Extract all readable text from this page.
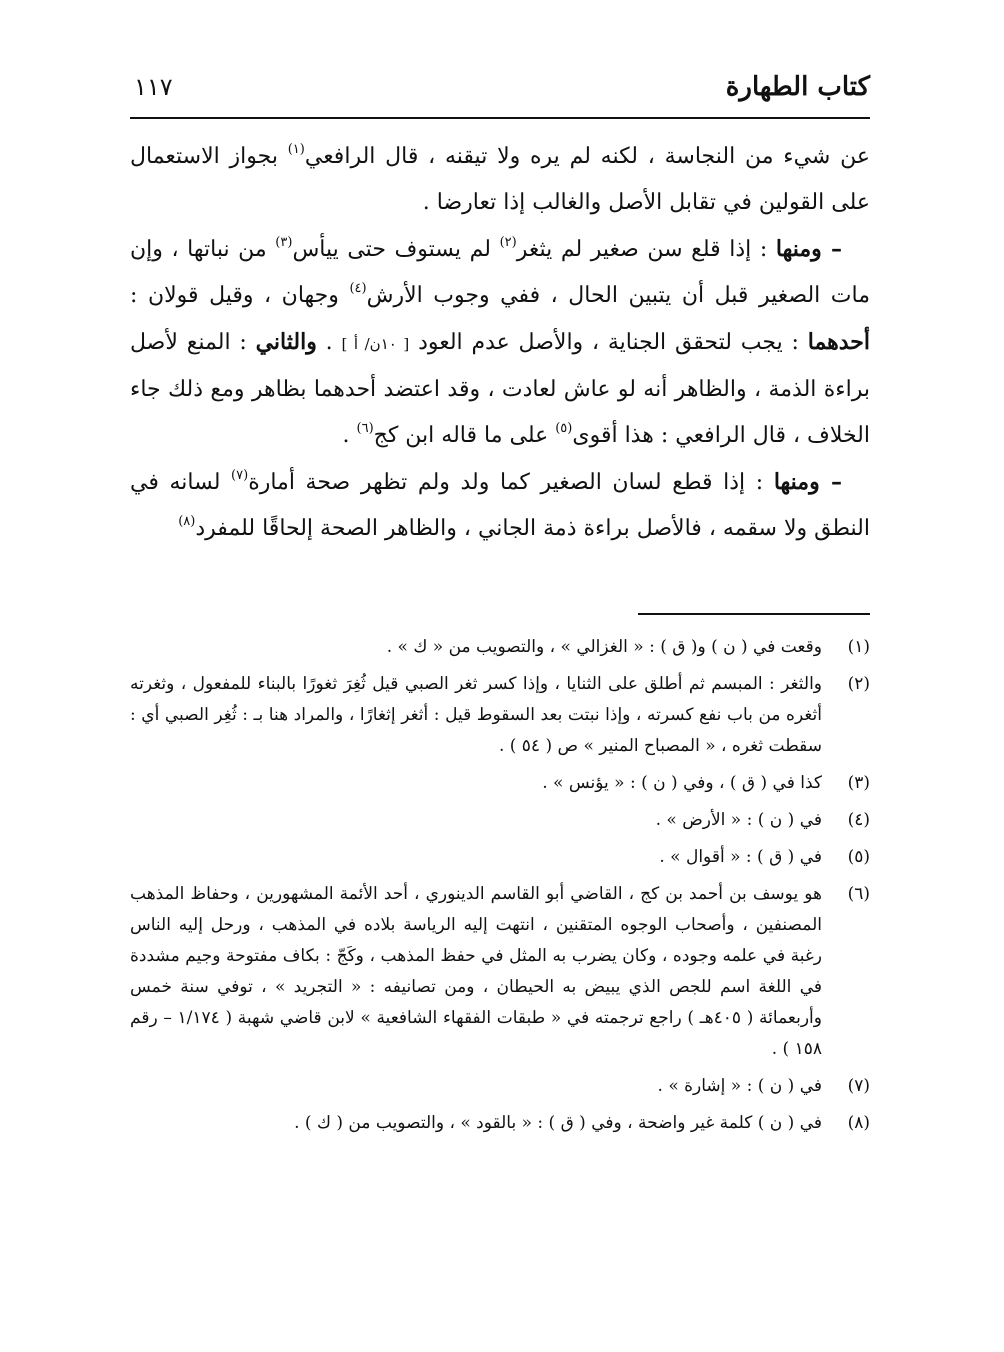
كتاب الطهارة
١١٧

عن شيء من النجاسة ، لكنه لم يره ولا تيقنه ، قال الرافعي$^{(١)}$ بجواز الاستعمال على القولين في تقابل الأصل والغالب إذا تعارضا .

– ومنها : إذا قلع سن صغير لم يثغر$^{(٢)}$ لم يستوف حتى ييأس$^{(٣)}$ من نباتها ، وإن مات الصغير قبل أن يتبين الحال ، ففي وجوب الأرش$^{(٤)}$ وجهان ، وقيل قولان : أحدهما : يجب لتحقق الجناية ، والأصل عدم العود [ ١٠ن/ أ ] . والثاني : المنع لأصل براءة الذمة ، والظاهر أنه لو عاش لعادت ، وقد اعتضد أحدهما بظاهر ومع ذلك جاء الخلاف ، قال الرافعي : هذا أقوى$^{(٥)}$ على ما قاله ابن كج$^{(٦)}$ .

– ومنها : إذا قطع لسان الصغير كما ولد ولم تظهر صحة أمارة$^{(٧)}$ لسانه في النطق ولا سقمه ، فالأصل براءة ذمة الجاني ، والظاهر الصحة إلحاقًا للمفرد$^{(٨)}$

(١)
وقعت في ( ن ) و( ق ) : « الغزالي » ، والتصويب من « ك » .
(٢)
والثغر : المبسم ثم أطلق على الثنايا ، وإذا كسر ثغر الصبي قيل ثُغِرَ ثغورًا بالبناء للمفعول ، وثغرته أثغره من باب نفع كسرته ، وإذا نبتت بعد السقوط قيل : أثغر إثغارًا ، والمراد هنا بـ : ثُغِر الصبي أي : سقطت ثغره ، « المصباح المنير » ص ( ٥٤ ) .
(٣)
كذا في ( ق ) ، وفي ( ن ) : « يؤنس » .
(٤)
في ( ن ) : « الأرض » .
(٥)
في ( ق ) : « أقوال » .
(٦)
هو يوسف بن أحمد بن كج ، القاضي أبو القاسم الدينوري ، أحد الأئمة المشهورين ، وحفاظ المذهب المصنفين ، وأصحاب الوجوه المتقنين ، انتهت إليه الرياسة بلاده في المذهب ، ورحل إليه الناس رغبة في علمه وجوده ، وكان يضرب به المثل في حفظ المذهب ، وكَجّ : بكاف مفتوحة وجيم مشددة في اللغة اسم للجص الذي يبيض به الحيطان ، ومن تصانيفه : « التجريد » ، توفي سنة خمس وأربعمائة ( ٤٠٥هـ ) راجع ترجمته في « طبقات الفقهاء الشافعية » لابن قاضي شهبة ( ١/١٧٤ – رقم ١٥٨ ) .
(٧)
في ( ن ) : « إشارة » .
(٨)
في ( ن ) كلمة غير واضحة ، وفي ( ق ) : « بالقود » ، والتصويب من ( ك ) .
